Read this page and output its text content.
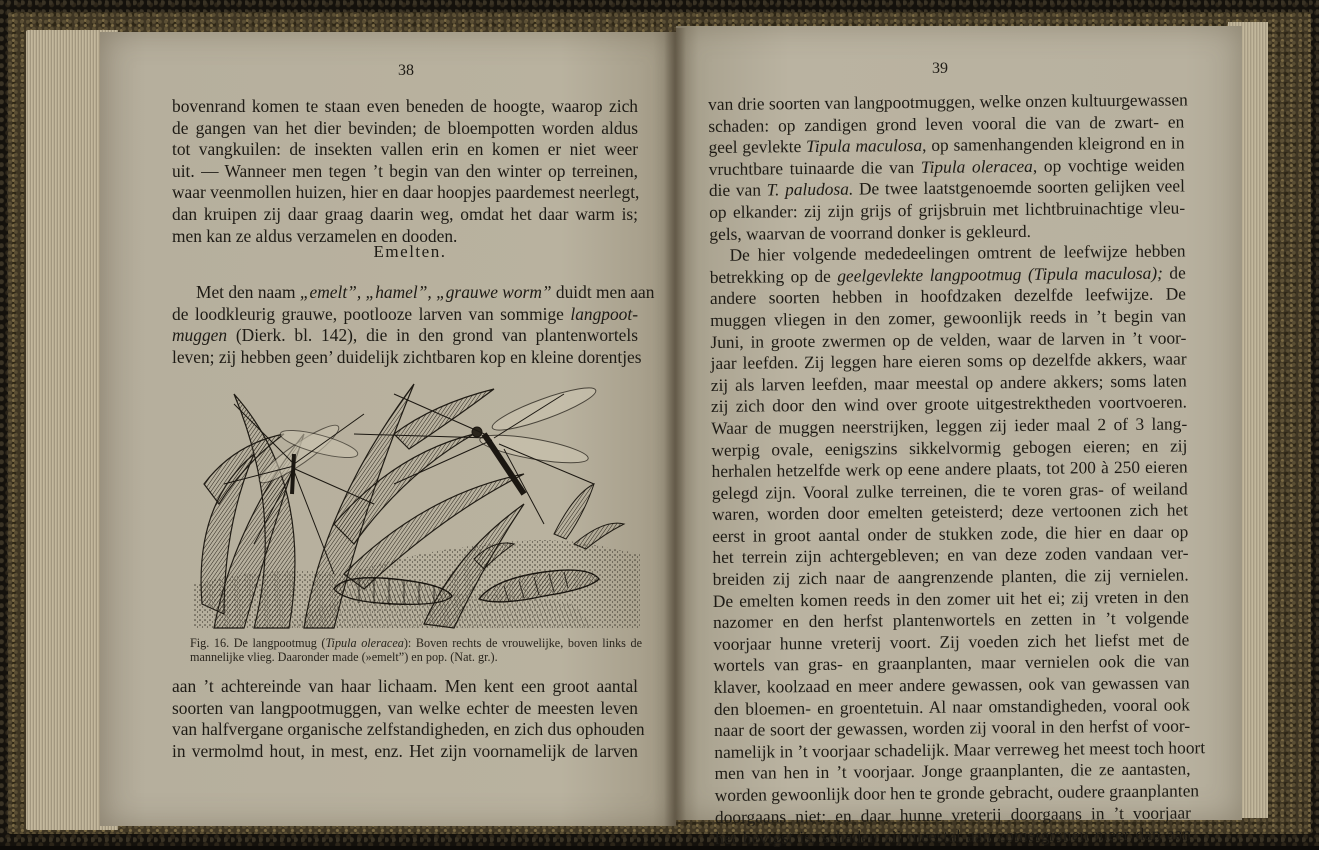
38
bovenrand komen te staan even beneden de hoogte, waarop zich
de gangen van het dier bevinden; de bloempotten worden aldus
tot vangkuilen: de insekten vallen erin en komen er niet weer
uit. — Wanneer men tegen ’t begin van den winter op terreinen,
waar veenmollen huizen, hier en daar hoopjes paardemest neerlegt,
dan kruipen zij daar graag daarin weg, omdat het daar warm is;
men kan ze aldus verzamelen en dooden.
Emelten.
Met den naam „emelt”, „hamel”, „grauwe worm” duidt men aan
de loodkleurig grauwe, pootlooze larven van sommige langpoot-
muggen (Dierk. bl. 142), die in den grond van plantenwortels
leven; zij hebben geen’ duidelijk zichtbaren kop en kleine dorentjes
Fig. 16. De langpootmug (Tipula oleracea): Boven rechts de vrouwelijke, boven links de mannelijke vlieg. Daaronder made (»emelt”) en pop. (Nat. gr.).
aan ’t achtereinde van haar lichaam. Men kent een groot aantal
soorten van langpootmuggen, van welke echter de meesten leven
van halfvergane organische zelfstandigheden, en zich dus ophouden
in vermolmd hout, in mest, enz. Het zijn voornamelijk de larven
39
van drie soorten van langpootmuggen, welke onzen kultuurgewassen
schaden: op zandigen grond leven vooral die van de zwart- en
geel gevlekte Tipula maculosa, op samenhangenden kleigrond en in
vruchtbare tuinaarde die van Tipula oleracea, op vochtige weiden
die van T. paludosa. De twee laatstgenoemde soorten gelijken veel
op elkander: zij zijn grijs of grijsbruin met lichtbruinachtige vleu-
gels, waarvan de voorrand donker is gekleurd.
De hier volgende mededeelingen omtrent de leefwijze hebben
betrekking op de geelgevlekte langpootmug (Tipula maculosa); de
andere soorten hebben in hoofdzaken dezelfde leefwijze. De
muggen vliegen in den zomer, gewoonlijk reeds in ’t begin van
Juni, in groote zwermen op de velden, waar de larven in ’t voor-
jaar leefden. Zij leggen hare eieren soms op dezelfde akkers, waar
zij als larven leefden, maar meestal op andere akkers; soms laten
zij zich door den wind over groote uitgestrektheden voortvoeren.
Waar de muggen neerstrijken, leggen zij ieder maal 2 of 3 lang-
werpig ovale, eenigszins sikkelvormig gebogen eieren; en zij
herhalen hetzelfde werk op eene andere plaats, tot 200 à 250 eieren
gelegd zijn. Vooral zulke terreinen, die te voren gras- of weiland
waren, worden door emelten geteisterd; deze vertoonen zich het
eerst in groot aantal onder de stukken zode, die hier en daar op
het terrein zijn achtergebleven; en van deze zoden vandaan ver-
breiden zij zich naar de aangrenzende planten, die zij vernielen.
De emelten komen reeds in den zomer uit het ei; zij vreten in den
nazomer en den herfst plantenwortels en zetten in ’t volgende
voorjaar hunne vreterij voort. Zij voeden zich het liefst met de
wortels van gras- en graanplanten, maar vernielen ook die van
klaver, koolzaad en meer andere gewassen, ook van gewassen van
den bloemen- en groentetuin. Al naar omstandigheden, vooral ook
naar de soort der gewassen, worden zij vooral in den herfst of voor-
namelijk in ’t voorjaar schadelijk. Maar verreweg het meest toch hoort
men van hen in ’t voorjaar. Jonge graanplanten, die ze aantasten,
worden gewoonlijk door hen te gronde gebracht, oudere graanplanten
doorgaans niet; en daar hunne vreterij doorgaans in ’t voorjaar
het hevigst is, schaden zij meestal aan zomergranen meer dan aan
